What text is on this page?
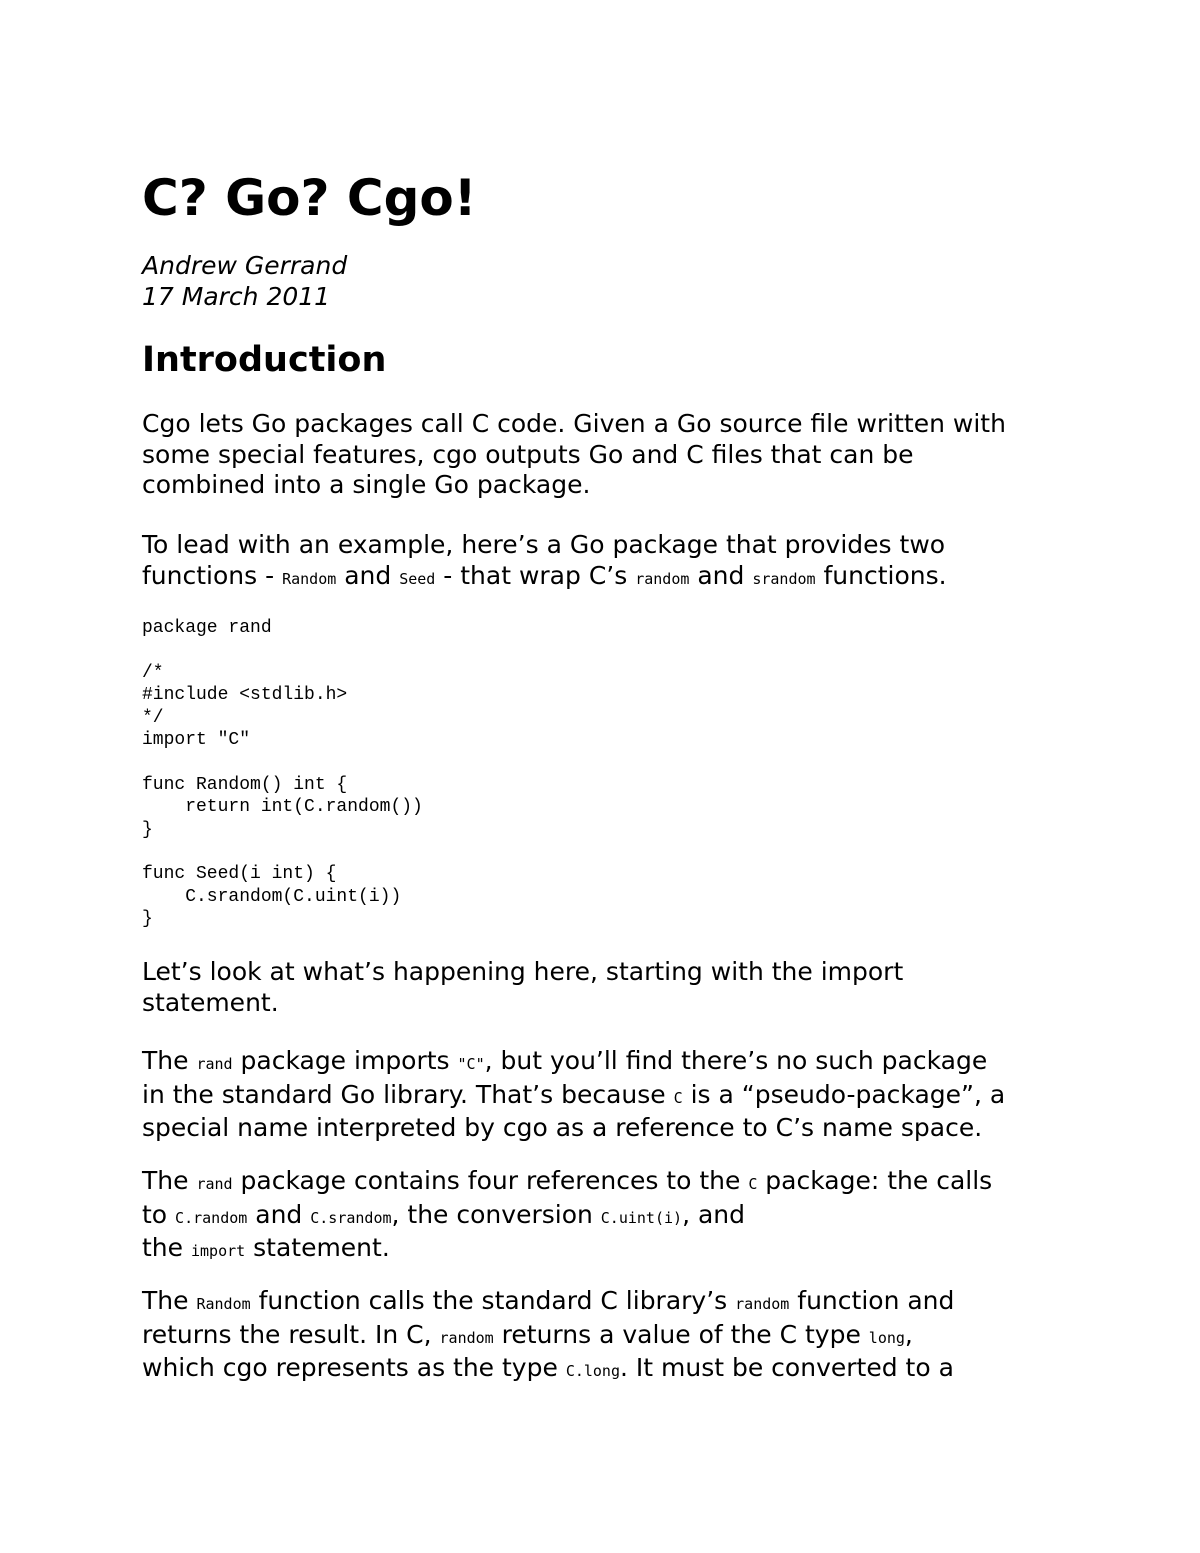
C? Go? Cgo!
Andrew Gerrand
17 March 2011
Introduction

Cgo lets Go packages call C code. Given a Go source file written with
some special features, cgo outputs Go and C files that can be
combined into a single Go package.

To lead with an example, here’s a Go package that provides two
functions - Random and Seed - that wrap C’s random and srandom functions.

package rand

/*
#include <stdlib.h>
*/
import "C"

func Random() int {
return int(C.random())
}

func Seed(i int) {
C.srandom(C.uint(i))
}

Let’s look at what’s happening here, starting with the import
statement.

The rand package imports "C", but you’ll find there’s no such package
in the standard Go library. That’s because C is a “pseudo-package”, a
special name interpreted by cgo as a reference to C’s name space.

The rand package contains four references to the C package: the calls
to C.random and C.srandom, the conversion C.uint(i), and
the import statement.

The Random function calls the standard C library’s random function and
returns the result. In C, random returns a value of the C type long,
which cgo represents as the type C.long. It must be converted to a
